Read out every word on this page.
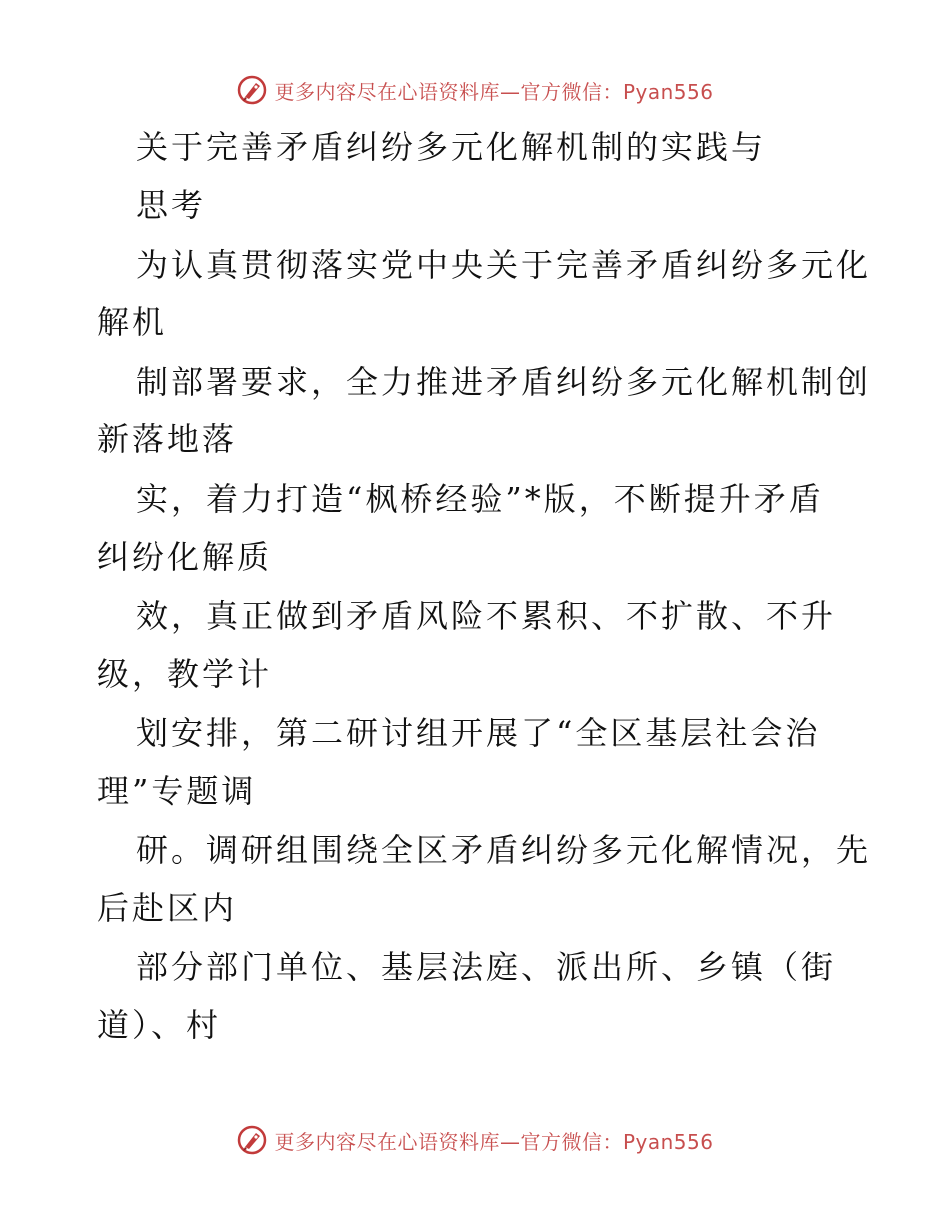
更多内容尽在心语资料库—官方微信：Pyan556
关于完善矛盾纠纷多元化解机制的实践与
思考
为认真贯彻落实党中央关于完善矛盾纠纷多元化
解机
制部署要求，全力推进矛盾纠纷多元化解机制创
新落地落
实，着力打造“枫桥经验”*版，不断提升矛盾
纠纷化解质
效，真正做到矛盾风险不累积、不扩散、不升
级，教学计
划安排，第二研讨组开展了“全区基层社会治
理”专题调
研。调研组围绕全区矛盾纠纷多元化解情况，先
后赴区内
部分部门单位、基层法庭、派出所、乡镇（街
道）、村
更多内容尽在心语资料库—官方微信：Pyan556
